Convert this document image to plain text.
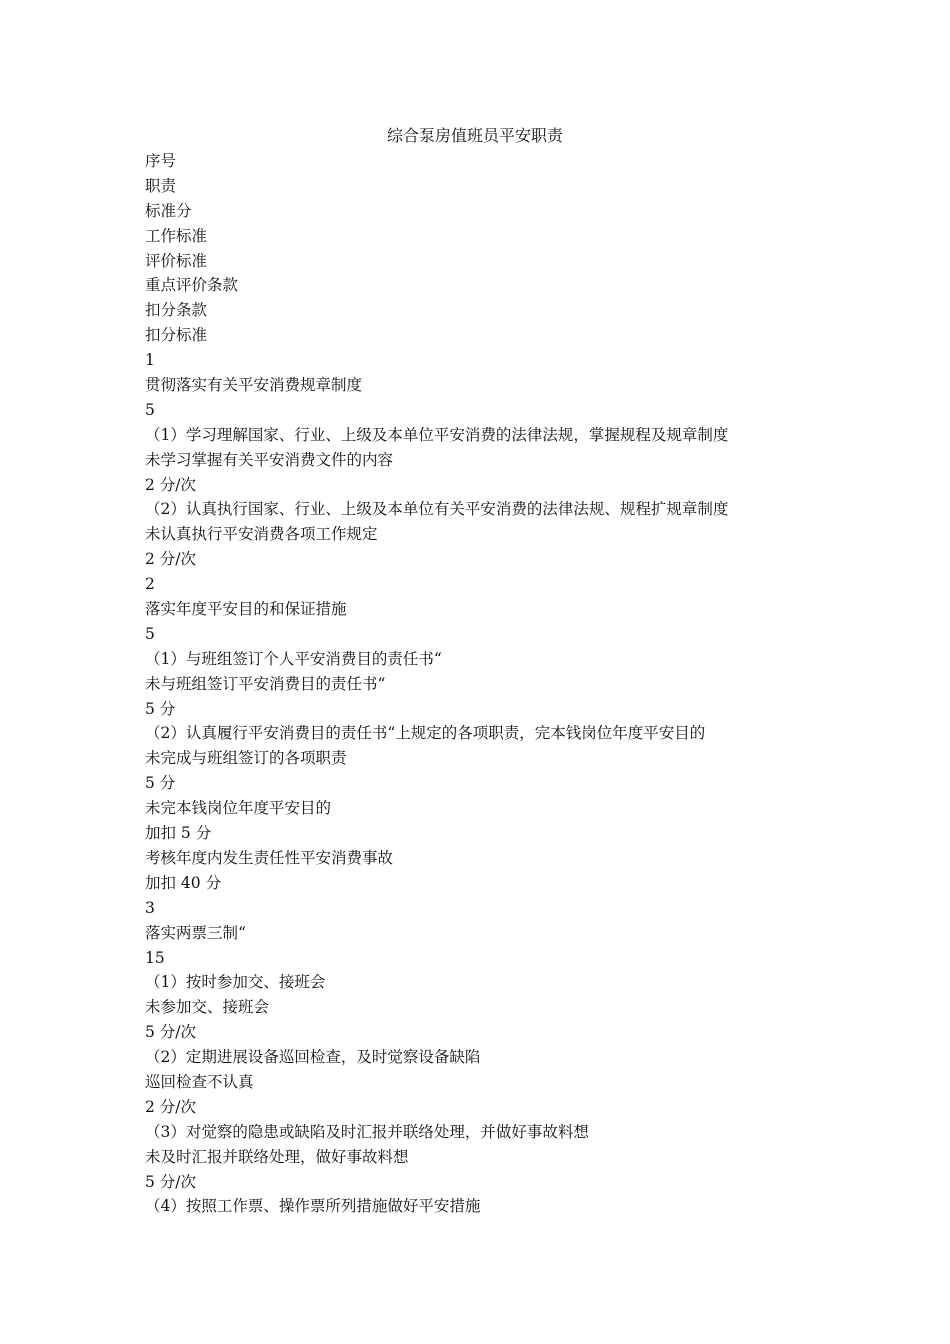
综合泵房值班员平安职责
序号
职责
标准分
工作标准
评价标准
重点评价条款
扣分条款
扣分标准
1
贯彻落实有关平安消费规章制度
5
（1）学习理解国家、行业、上级及本单位平安消费的法律法规，掌握规程及规章制度
未学习掌握有关平安消费文件的内容
2 分/次
（2）认真执行国家、行业、上级及本单位有关平安消费的法律法规、规程扩规章制度
未认真执行平安消费各项工作规定
2 分/次
2
落实年度平安目的和保证措施
5
（1）与班组签订个人平安消费目的责任书“
未与班组签订平安消费目的责任书“
5 分
（2）认真履行平安消费目的责任书“上规定的各项职责，完本钱岗位年度平安目的
未完成与班组签订的各项职责
5 分
未完本钱岗位年度平安目的
加扣 5 分
考核年度内发生责任性平安消费事故
加扣 40 分
3
落实两票三制“
15
（1）按时参加交、接班会
未参加交、接班会
5 分/次
（2）定期进展设备巡回检查，及时觉察设备缺陷
巡回检查不认真
2 分/次
（3）对觉察的隐患或缺陷及时汇报并联络处理，并做好事故料想
未及时汇报并联络处理，做好事故料想
5 分/次
（4）按照工作票、操作票所列措施做好平安措施
